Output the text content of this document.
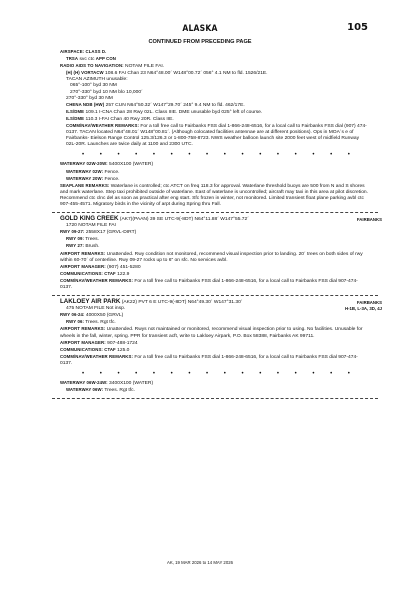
ALASKA	105
CONTINUED FROM PRECEDING PAGE
AIRSPACE: CLASS D.
TRSA svc ctc APP CON
RADIO AIDS TO NAVIGATION: NOTAM FILE FAI.
(H) (H) VORTACW 108.6 FAI Chan 23 N64°48.00´ W148°00.72´ 056° 4.1 NM to fld. 1526/21E.
TACAN AZIMUTH unusable:
065°-100° byd 30 NM
270°-330° byd 10 NM blo 10,000´
270°-330° byd 30 NM
CHENA NDB (HW) 257 CUN N64°50.32´ W147°29.70´ 245° 9.4 NM to fld. 462/17E.
ILS/DME 109.1 I-CNA Chan 28 Rwy 02L. Class IIIE. DME unusable byd 025° left of course.
ILS/DME 110.3 I-FAI Chan 40 Rwy 20R. Class IIE.
COMM/NAV/WEATHER REMARKS: For a toll free call to Fairbanks FSS dial 1-866-248-6516, for a local call to Fairbanks FSS dial (907) 474-0137. TACAN located N64°48.01´ W148°00.81´. (Although colocated facilities antennae are at different positions). Ops in MOA´s e of Fairbanks- Eielson Range Control 125.3/126.3 or 1-800-758-8723. NWS weather balloon launch site 2000 feet west of midfield Runway 02L-20R. Launches are twice daily at 1100 and 2300 UTC.
•	•	•	•	•	•	•	•	•	•	•	•	•	•	•	•
WATERWAY 02W-20W: 5400X100 (WATER)
WATERWAY 02W: Fence.
WATERWAY 20W: Fence.
SEAPLANE REMARKS: Waterlane is controlled; ctc ATCT on freq 118.3 for approval. Waterlane threshold buoys are 500 from N and S shores and mark waterlane. Step taxi prohibited outside of waterlane. East of waterlane is uncontrolled; aircraft may taxi in this area at pilot discretion. Recommend ctc clnc del as soon as practical after eng start. Sfc frozen in winter, not monitored. Limited transient float plane parking avbl ctc 907-455-4571. Migratory birds in the vicinity of arpt during Spring thru Fall.
GOLD KING CREEK (AK7)(PAAN) 39 SE UTC-9(-8DT) N64°11.88´ W147°55.72´	FAIRBANKS
1720 NOTAM FILE FAI
RWY 09-27: 2558X17 (GRVL-DIRT)
RWY 09: Trees.
RWY 27: Brush.
AIRPORT REMARKS: Unattended. Rwy condition not monitored, recommend visual inspection prior to landing. 20´ trees on both sides of rwy within 60-70´ of centerline. Rwy 09-27 rocks up to 6" on sfc. No services avbl.
AIRPORT MANAGER: (907) 451-5280
COMMUNICATIONS: CTAF 122.9
COMM/NAV/WEATHER REMARKS: For a toll free call to Fairbanks FSS dial 1-866-248-6516, for a local call to Fairbanks FSS dial 907-474-0137.
LAKLOEY AIR PARK (AK22) PVT 6 E UTC-9(-8DT) N64°49.30´ W147°31.30´	FAIRBANKS
H-1B, L-3A, 3D, 4J
475 NOTAM FILE Not insp.
RWY 06-24: 4000X50 (GRVL)
RWY 06: Trees. Rgt tfc.
AIRPORT REMARKS: Unattended. Rwys not maintained or monitored, recommend visual inspection prior to using. No facilities. Unusable for wheels in the fall, winter, spring. PPR for transient acft, write to Lakloey Airpark, P.O. Box 58388, Fairbanks AK 99711.
AIRPORT MANAGER: 907-488-1724
COMMUNICATIONS: CTAF 125.0
COMM/NAV/WEATHER REMARKS: For a toll free call to Fairbanks FSS dial 1-866-248-6516, for a local call to Fairbanks FSS dial 907-474-0137.
•	•	•	•	•	•	•	•	•	•	•	•	•	•	•	•
WATERWAY 06W-24W: 3400X100 (WATER)
WATERWAY 06W: Trees. Rgt tfc.
AK, 19 MAR 2026 to 14 MAY 2026
